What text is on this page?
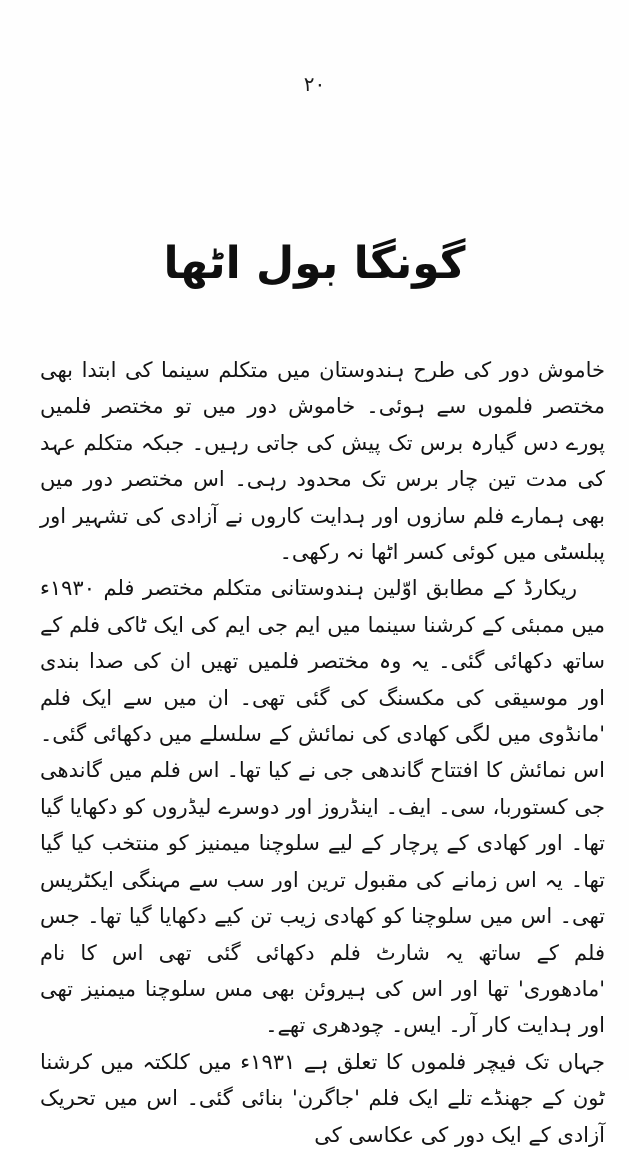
۲۰
گونگا بول اٹھا

خاموش دور کی طرح ہندوستان میں متکلم سینما کی ابتدا بھی مختصر فلموں سے ہوئی۔ خاموش دور میں تو مختصر فلمیں پورے دس گیارہ برس تک پیش کی جاتی رہیں۔ جبکہ متکلم عہد کی مدت تین چار برس تک محدود رہی۔ اس مختصر دور میں بھی ہمارے فلم سازوں اور ہدایت کاروں نے آزادی کی تشہیر اور پبلسٹی میں کوئی کسر اٹھا نہ رکھی۔

ریکارڈ کے مطابق اوّلین ہندوستانی متکلم مختصر فلم ۱۹۳۰ء میں ممبئی کے کرشنا سینما میں ایم جی ایم کی ایک ٹاکی فلم کے ساتھ دکھائی گئی۔ یہ وہ مختصر فلمیں تھیں ان کی صدا بندی اور موسیقی کی مکسنگ کی گئی تھی۔ ان میں سے ایک فلم 'مانڈوی میں لگی کھادی کی نمائش کے سلسلے میں دکھائی گئی۔ اس نمائش کا افتتاح گاندھی جی نے کیا تھا۔ اس فلم میں گاندھی جی کستوربا، سی۔ ایف۔ اینڈروز اور دوسرے لیڈروں کو دکھایا گیا تھا۔ اور کھادی کے پرچار کے لیے سلوچنا میمنیز کو منتخب کیا گیا تھا۔ یہ اس زمانے کی مقبول ترین اور سب سے مہنگی ایکٹریس تھی۔ اس میں سلوچنا کو کھادی زیب تن کیے دکھایا گیا تھا۔ جس فلم کے ساتھ یہ شارٹ فلم دکھائی گئی تھی اس کا نام 'مادھوری' تھا اور اس کی ہیروئن بھی مس سلوچنا میمنیز تھی اور ہدایت کار آر۔ ایس۔ چودھری تھے۔

جہاں تک فیچر فلموں کا تعلق ہے ۱۹۳۱ء میں کلکتہ میں کرشنا ٹون کے جھنڈے تلے ایک فلم 'جاگرن' بنائی گئی۔ اس میں تحریک آزادی کے ایک دور کی عکاسی کی
